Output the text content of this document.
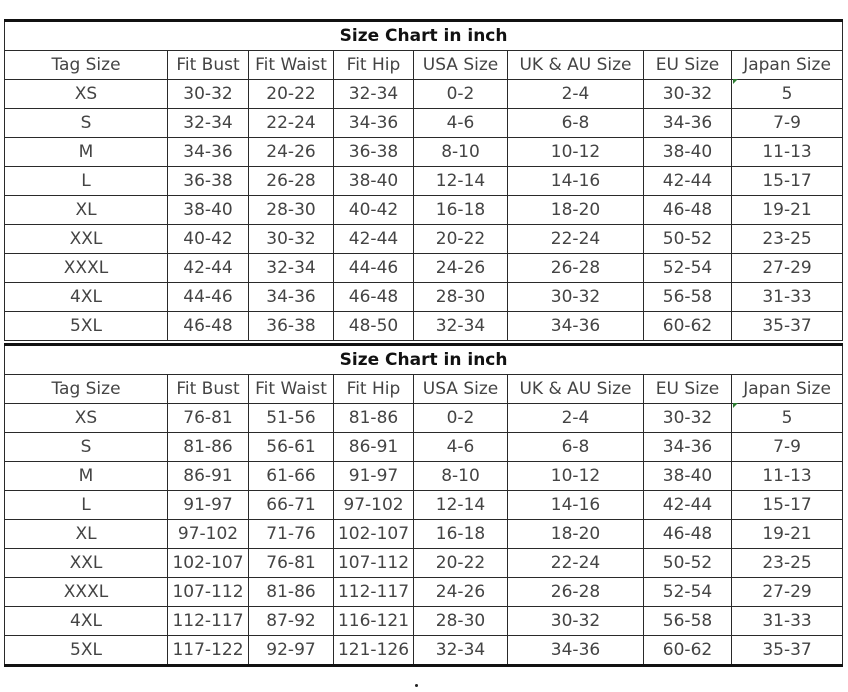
Size Chart in inch							
Tag Size	Fit Bust	Fit Waist	Fit Hip	USA Size	UK & AU Size	EU Size	Japan Size
XS	30-32	20-22	32-34	0-2	2-4	30-32	5
S	32-34	22-24	34-36	4-6	6-8	34-36	7-9
M	34-36	24-26	36-38	8-10	10-12	38-40	11-13
L	36-38	26-28	38-40	12-14	14-16	42-44	15-17
XL	38-40	28-30	40-42	16-18	18-20	46-48	19-21
XXL	40-42	30-32	42-44	20-22	22-24	50-52	23-25
XXXL	42-44	32-34	44-46	24-26	26-28	52-54	27-29
4XL	44-46	34-36	46-48	28-30	30-32	56-58	31-33
5XL	46-48	36-38	48-50	32-34	34-36	60-62	35-37
Size Chart in inch							
Tag Size	Fit Bust	Fit Waist	Fit Hip	USA Size	UK & AU Size	EU Size	Japan Size
XS	76-81	51-56	81-86	0-2	2-4	30-32	5
S	81-86	56-61	86-91	4-6	6-8	34-36	7-9
M	86-91	61-66	91-97	8-10	10-12	38-40	11-13
L	91-97	66-71	97-102	12-14	14-16	42-44	15-17
XL	97-102	71-76	102-107	16-18	18-20	46-48	19-21
XXL	102-107	76-81	107-112	20-22	22-24	50-52	23-25
XXXL	107-112	81-86	112-117	24-26	26-28	52-54	27-29
4XL	112-117	87-92	116-121	28-30	30-32	56-58	31-33
5XL	117-122	92-97	121-126	32-34	34-36	60-62	35-37
